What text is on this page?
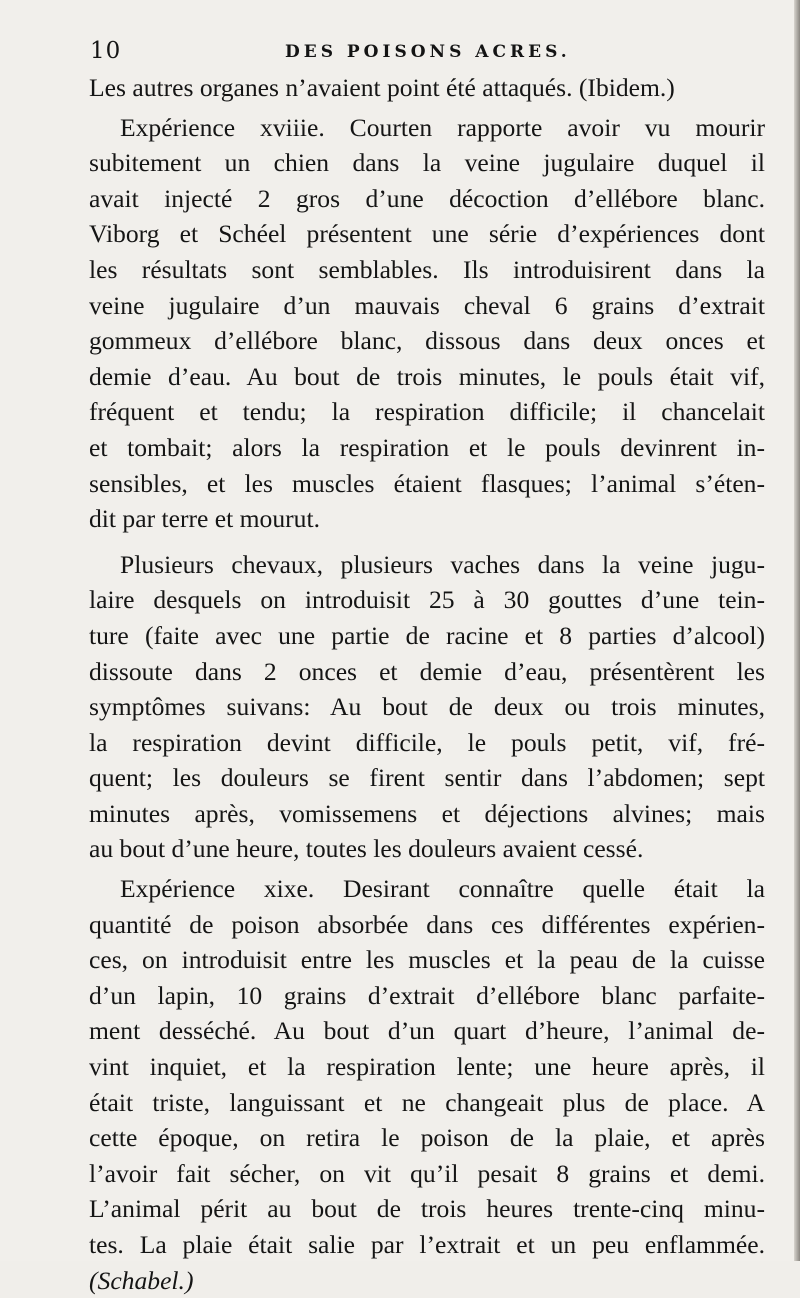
10	DES POISONS ACRES.
Les autres organes n’avaient point été attaqués. (Ibidem.)
Expérience xviiie. Courten rapporte avoir vu mourir
subitement un chien dans la veine jugulaire duquel il
avait injecté 2 gros d’une décoction d’ellébore blanc.
Viborg et Schéel présentent une série d’expériences dont
les résultats sont semblables. Ils introduisirent dans la
veine jugulaire d’un mauvais cheval 6 grains d’extrait
gommeux d’ellébore blanc, dissous dans deux onces et
demie d’eau. Au bout de trois minutes, le pouls était vif,
fréquent et tendu; la respiration difficile; il chancelait
et tombait; alors la respiration et le pouls devinrent in-
sensibles, et les muscles étaient flasques; l’animal s’éten-
dit par terre et mourut.
Plusieurs chevaux, plusieurs vaches dans la veine jugu-
laire desquels on introduisit 25 à 30 gouttes d’une tein-
ture (faite avec une partie de racine et 8 parties d’alcool)
dissoute dans 2 onces et demie d’eau, présentèrent les
symptômes suivans: Au bout de deux ou trois minutes,
la respiration devint difficile, le pouls petit, vif, fré-
quent; les douleurs se firent sentir dans l’abdomen; sept
minutes après, vomissemens et déjections alvines; mais
au bout d’une heure, toutes les douleurs avaient cessé.
Expérience xixe. Desirant connaître quelle était la
quantité de poison absorbée dans ces différentes expérien-
ces, on introduisit entre les muscles et la peau de la cuisse
d’un lapin, 10 grains d’extrait d’ellébore blanc parfaite-
ment desséché. Au bout d’un quart d’heure, l’animal de-
vint inquiet, et la respiration lente; une heure après, il
était triste, languissant et ne changeait plus de place. A
cette époque, on retira le poison de la plaie, et après
l’avoir fait sécher, on vit qu’il pesait 8 grains et demi.
L’animal périt au bout de trois heures trente-cinq minu-
tes. La plaie était salie par l’extrait et un peu enflammée.
(Schabel.)
